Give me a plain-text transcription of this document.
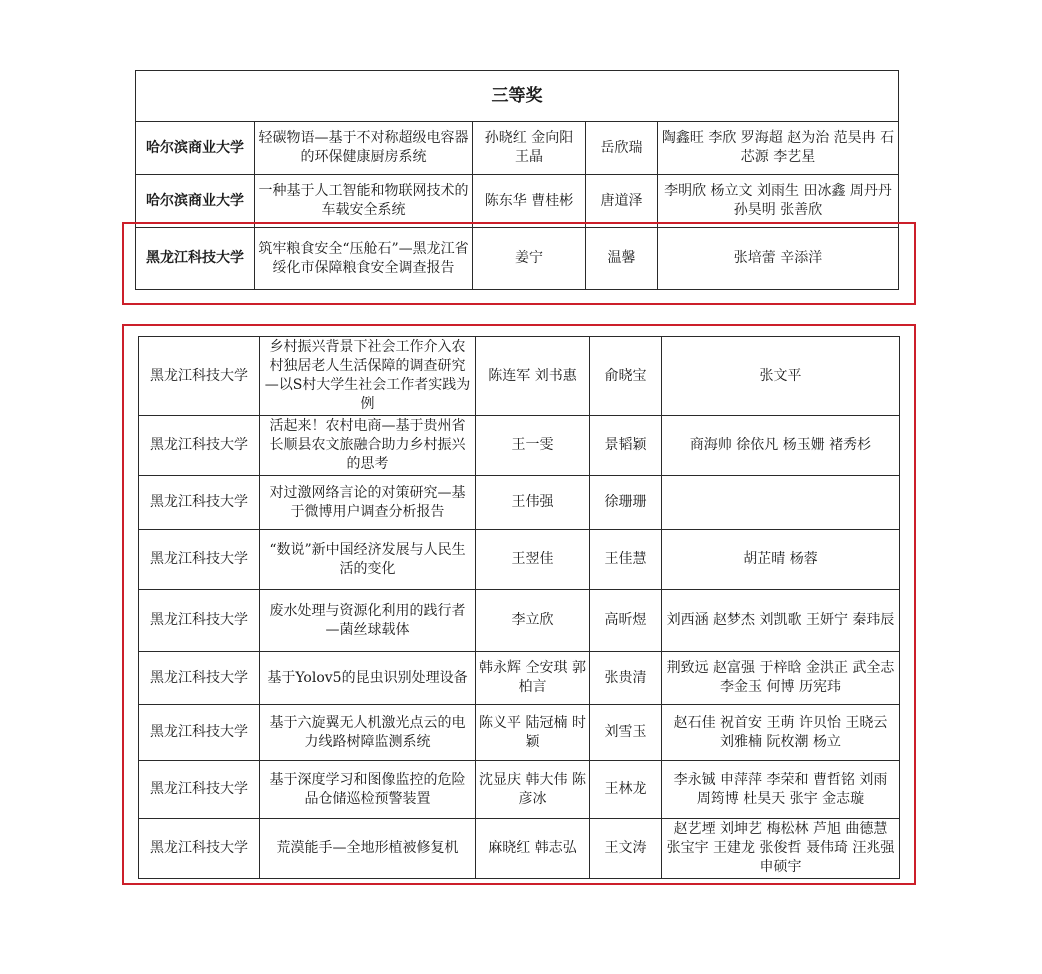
三等奖				
哈尔滨商业大学	轻碳物语—基于不对称超级电容器的环保健康厨房系统	孙晓红 金向阳 王晶	岳欣瑞	陶鑫旺 李欣 罗海超 赵为治 范昊冉 石芯源 李艺星
哈尔滨商业大学	一种基于人工智能和物联网技术的车载安全系统	陈东华 曹桂彬	唐道泽	李明欣 杨立文 刘雨生 田冰鑫 周丹丹 孙昊明 张善欣
黑龙江科技大学	筑牢粮食安全“压舱石”—黑龙江省绥化市保障粮食安全调查报告	姜宁	温馨	张培蕾 辛添洋
黑龙江科技大学	乡村振兴背景下社会工作介入农村独居老人生活保障的调查研究—以S村大学生社会工作者实践为例	陈连军 刘书惠	俞晓宝	张文平
黑龙江科技大学	活起来！农村电商—基于贵州省长顺县农文旅融合助力乡村振兴的思考	王一雯	景韬颖	商海帅 徐依凡 杨玉姗 褚秀杉
黑龙江科技大学	对过激网络言论的对策研究—基于微博用户调查分析报告	王伟强	徐珊珊	
黑龙江科技大学	“数说”新中国经济发展与人民生活的变化	王翌佳	王佳慧	胡芷晴 杨蓉
黑龙江科技大学	废水处理与资源化利用的践行者—菌丝球载体	李立欣	高昕煜	刘西涵 赵梦杰 刘凯歌 王妍宁 秦玮辰
黑龙江科技大学	基于Yolov5的昆虫识别处理设备	韩永辉 仝安琪 郭柏言	张贵清	荆致远 赵富强 于梓晗 金洪正 武全志 李金玉 何博 历宪玮
黑龙江科技大学	基于六旋翼无人机激光点云的电力线路树障监测系统	陈义平 陆冠楠 时颖	刘雪玉	赵石佳 祝首安 王萌 许贝怡 王晓云 刘雅楠 阮枚潮 杨立
黑龙江科技大学	基于深度学习和图像监控的危险品仓储巡检预警装置	沈显庆 韩大伟 陈彦冰	王林龙	李永铖 申萍萍 李荣和 曹哲铭 刘雨 周筠博 杜昊天 张宇 金志璇
黑龙江科技大学	荒漠能手—全地形植被修复机	麻晓红 韩志弘	王文涛	赵艺堙 刘坤艺 梅松林 芦旭 曲德慧 张宝宇 王建龙 张俊哲 聂伟琦 汪兆强 申硕宇
